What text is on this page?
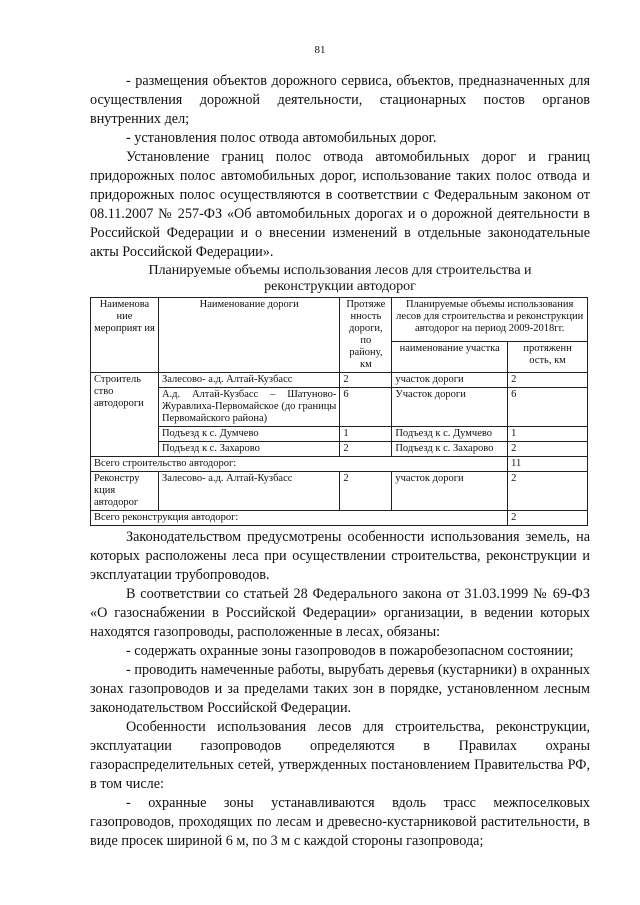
81

- размещения объектов дорожного сервиса, объектов, предназначенных для осуществления дорожной деятельности, стационарных постов органов внутренних дел;

- установления полос отвода автомобильных дорог.

Установление границ полос отвода автомобильных дорог и границ придорожных полос автомобильных дорог, использование таких полос отвода и придорожных полос осуществляются в соответствии с Федеральным законом от 08.11.2007 № 257-ФЗ «Об автомобильных дорогах и о дорожной деятельности в Российской Федерации и о внесении изменений в отдельные законодательные акты Российской Федерации».

Планируемые объемы использования лесов для строительства и
реконструкции автодорог
Наименова ние мероприят ия	Наименование дороги	Протяже нность дороги, по району, км	Планируемые объемы использования лесов для строительства и реконструкции автодорог на период 2009-2018гг.	
			наименование участка	протяженн ость, км
Строитель ство автодороги	Залесово- а.д. Алтай-Кузбасс	2	участок дороги	2
	А.д. Алтай-Кузбасс – Шатуново-Журавлиха-Первомайское (до границы Первомайского района)	6	Участок дороги	6
	Подъезд к с. Думчево	1	Подъезд к с. Думчево	1
	Подъезд к с. Захарово	2	Подъезд к с. Захарово	2
Всего строительство автодорог:				11
Реконстру кция автодорог	Залесово- а.д. Алтай-Кузбасс	2	участок дороги	2
Всего реконструкция автодорог:				2

Законодательством предусмотрены особенности использования земель, на которых расположены леса при осуществлении строительства, реконструкции и эксплуатации трубопроводов.

В соответствии со статьей 28 Федерального закона от 31.03.1999 № 69-ФЗ «О газоснабжении в Российской Федерации» организации, в ведении которых находятся газопроводы, расположенные в лесах, обязаны:

- содержать охранные зоны газопроводов в пожаробезопасном состоянии;

- проводить намеченные работы, вырубать деревья (кустарники) в охранных зонах газопроводов и за пределами таких зон в порядке, установленном лесным законодательством Российской Федерации.

Особенности использования лесов для строительства, реконструкции, эксплуатации газопроводов определяются в Правилах охраны газораспределительных сетей, утвержденных постановлением Правительства РФ, в том числе:

- охранные зоны устанавливаются вдоль трасс межпоселковых газопроводов, проходящих по лесам и древесно-кустарниковой растительности, в виде просек шириной 6 м, по 3 м с каждой стороны газопровода;
